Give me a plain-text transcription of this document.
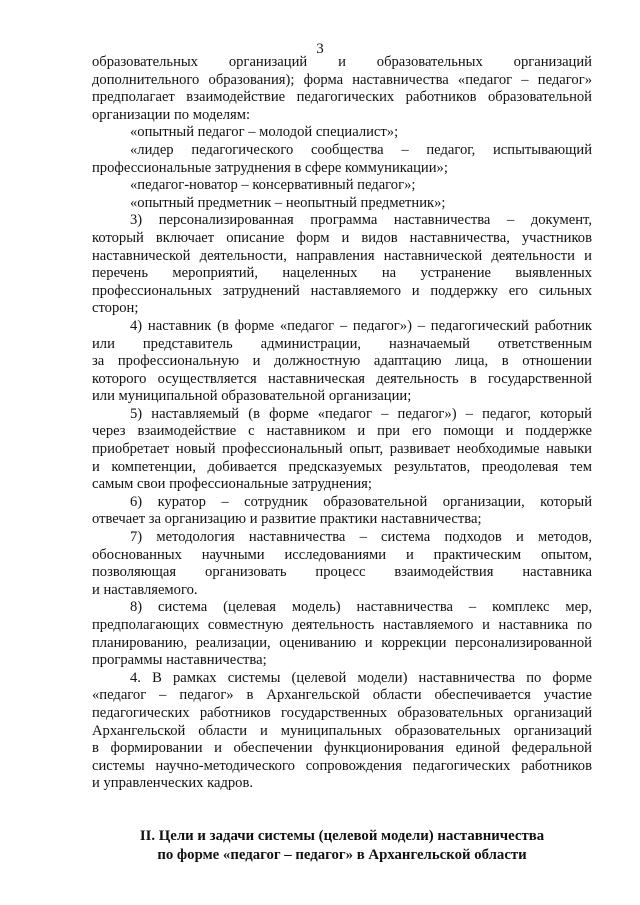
3
образовательных организаций и образовательных организаций
дополнительного образования); форма наставничества «педагог – педагог»
предполагает взаимодействие педагогических работников образовательной
организации по моделям:
«опытный педагог – молодой специалист»;
«лидер педагогического сообщества – педагог, испытывающий
профессиональные затруднения в сфере коммуникации»;
«педагог-новатор – консервативный педагог»;
«опытный предметник – неопытный предметник»;
3) персонализированная программа наставничества – документ,
который включает описание форм и видов наставничества, участников
наставнической деятельности, направления наставнической деятельности и
перечень мероприятий, нацеленных на устранение выявленных
профессиональных затруднений наставляемого и поддержку его сильных
сторон;
4) наставник (в форме «педагог – педагог») – педагогический работник
или представитель администрации, назначаемый ответственным
за профессиональную и должностную адаптацию лица, в отношении
которого осуществляется наставническая деятельность в государственной
или муниципальной образовательной организации;
5) наставляемый (в форме «педагог – педагог») – педагог, который
через взаимодействие с наставником и при его помощи и поддержке
приобретает новый профессиональный опыт, развивает необходимые навыки
и компетенции, добивается предсказуемых результатов, преодолевая тем
самым свои профессиональные затруднения;
6) куратор – сотрудник образовательной организации, который
отвечает за организацию и развитие практики наставничества;
7) методология наставничества – система подходов и методов,
обоснованных научными исследованиями и практическим опытом,
позволяющая организовать процесс взаимодействия наставника
и наставляемого.
8) система (целевая модель) наставничества – комплекс мер,
предполагающих совместную деятельность наставляемого и наставника по
планированию, реализации, оцениванию и коррекции персонализированной
программы наставничества;
4. В рамках системы (целевой модели) наставничества по форме
«педагог – педагог» в Архангельской области обеспечивается участие
педагогических работников государственных образовательных организаций
Архангельской области и муниципальных образовательных организаций
в формировании и обеспечении функционирования единой федеральной
системы научно-методического сопровождения педагогических работников
и управленческих кадров.
II. Цели и задачи системы (целевой модели) наставничества
по форме «педагог – педагог» в Архангельской области
